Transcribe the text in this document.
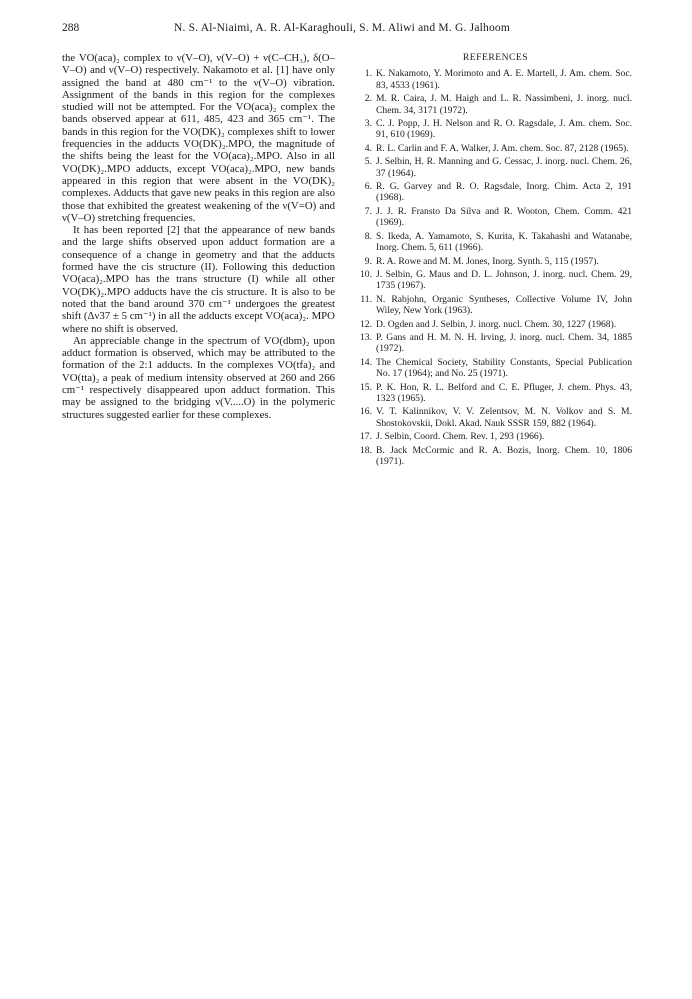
288	N. S. Al-Niaimi, A. R. Al-Karaghouli, S. M. Aliwi and M. G. Jalhoom

the VO(aca)₂ complex to ν(V–O), ν(V–O) + ν(C–CH₃), δ(O–V–O) and ν(V–O) respectively. Nakamoto et al. [1] have only assigned the band at 480 cm⁻¹ to the ν(V–O) vibration. Assignment of the bands in this region for the complexes studied will not be attempted. For the VO(aca)₂ complex the bands observed appear at 611, 485, 423 and 365 cm⁻¹. The bands in this region for the VO(DK)₂ complexes shift to lower frequencies in the adducts VO(DK)₂.MPO, the magnitude of the shifts being the least for the VO(aca)₂.MPO. Also in all VO(DK)₂.MPO adducts, except VO(aca)₂.MPO, new bands appeared in this region that were absent in the VO(DK)₂ complexes. Adducts that gave new peaks in this region are also those that exhibited the greatest weakening of the ν(V=O) and ν(V–O) stretching frequencies.

It has been reported [2] that the appearance of new bands and the large shifts observed upon adduct formation are a consequence of a change in geometry and that the adducts formed have the cis structure (II). Following this deduction VO(aca)₂.MPO has the trans structure (I) while all other VO(DK)₂.MPO adducts have the cis structure. It is also to be noted that the band around 370 cm⁻¹ undergoes the greatest shift (Δν37 ± 5 cm⁻¹) in all the adducts except VO(aca)₂. MPO where no shift is observed.

An appreciable change in the spectrum of VO(dbm)₂ upon adduct formation is observed, which may be attributed to the formation of the 2:1 adducts. In the complexes VO(tfa)₂ and VO(tta)₂ a peak of medium intensity observed at 260 and 266 cm⁻¹ respectively disappeared upon adduct formation. This may be assigned to the bridging ν(V.....O) in the polymeric structures suggested earlier for these complexes.

REFERENCES
1. K. Nakamoto, Y. Morimoto and A. E. Martell, J. Am. chem. Soc. 83, 4533 (1961).
2. M. R. Caira, J. M. Haigh and L. R. Nassimbeni, J. inorg. nucl. Chem. 34, 3171 (1972).
3. C. J. Popp, J. H. Nelson and R. O. Ragsdale, J. Am. chem. Soc. 91, 610 (1969).
4. R. L. Carlin and F. A. Walker, J. Am. chem. Soc. 87, 2128 (1965).
5. J. Selbin, H. R. Manning and G. Cessac, J. inorg. nucl. Chem. 26, 37 (1964).
6. R. G. Garvey and R. O. Ragsdale, Inorg. Chim. Acta 2, 191 (1968).
7. J. J. R. Fransto Da Silva and R. Wooton, Chem. Comm. 421 (1969).
8. S. Ikeda, A. Yamamoto, S. Kurita, K. Takahashi and Watanabe, Inorg. Chem. 5, 611 (1966).
9. R. A. Rowe and M. M. Jones, Inorg. Synth. 5, 115 (1957).
10. J. Selbin, G. Maus and D. L. Johnson, J. inorg. nucl. Chem. 29, 1735 (1967).
11. N. Rabjohn, Organic Syntheses, Collective Volume IV, John Wiley, New York (1963).
12. D. Ogden and J. Selbin, J. inorg. nucl. Chem. 30, 1227 (1968).
13. P. Gans and H. M. N. H. Irving, J. inorg. nucl. Chem. 34, 1885 (1972).
14. The Chemical Society, Stability Constants, Special Publication No. 17 (1964); and No. 25 (1971).
15. P. K. Hon, R. L. Belford and C. E. Pfluger, J. chem. Phys. 43, 1323 (1965).
16. V. T. Kalinnikov, V. V. Zelentsov, M. N. Volkov and S. M. Shostokovskii, Dokl. Akad. Nauk SSSR 159, 882 (1964).
17. J. Selbin, Coord. Chem. Rev. 1, 293 (1966).
18. B. Jack McCormic and R. A. Bozis, Inorg. Chem. 10, 1806 (1971).
